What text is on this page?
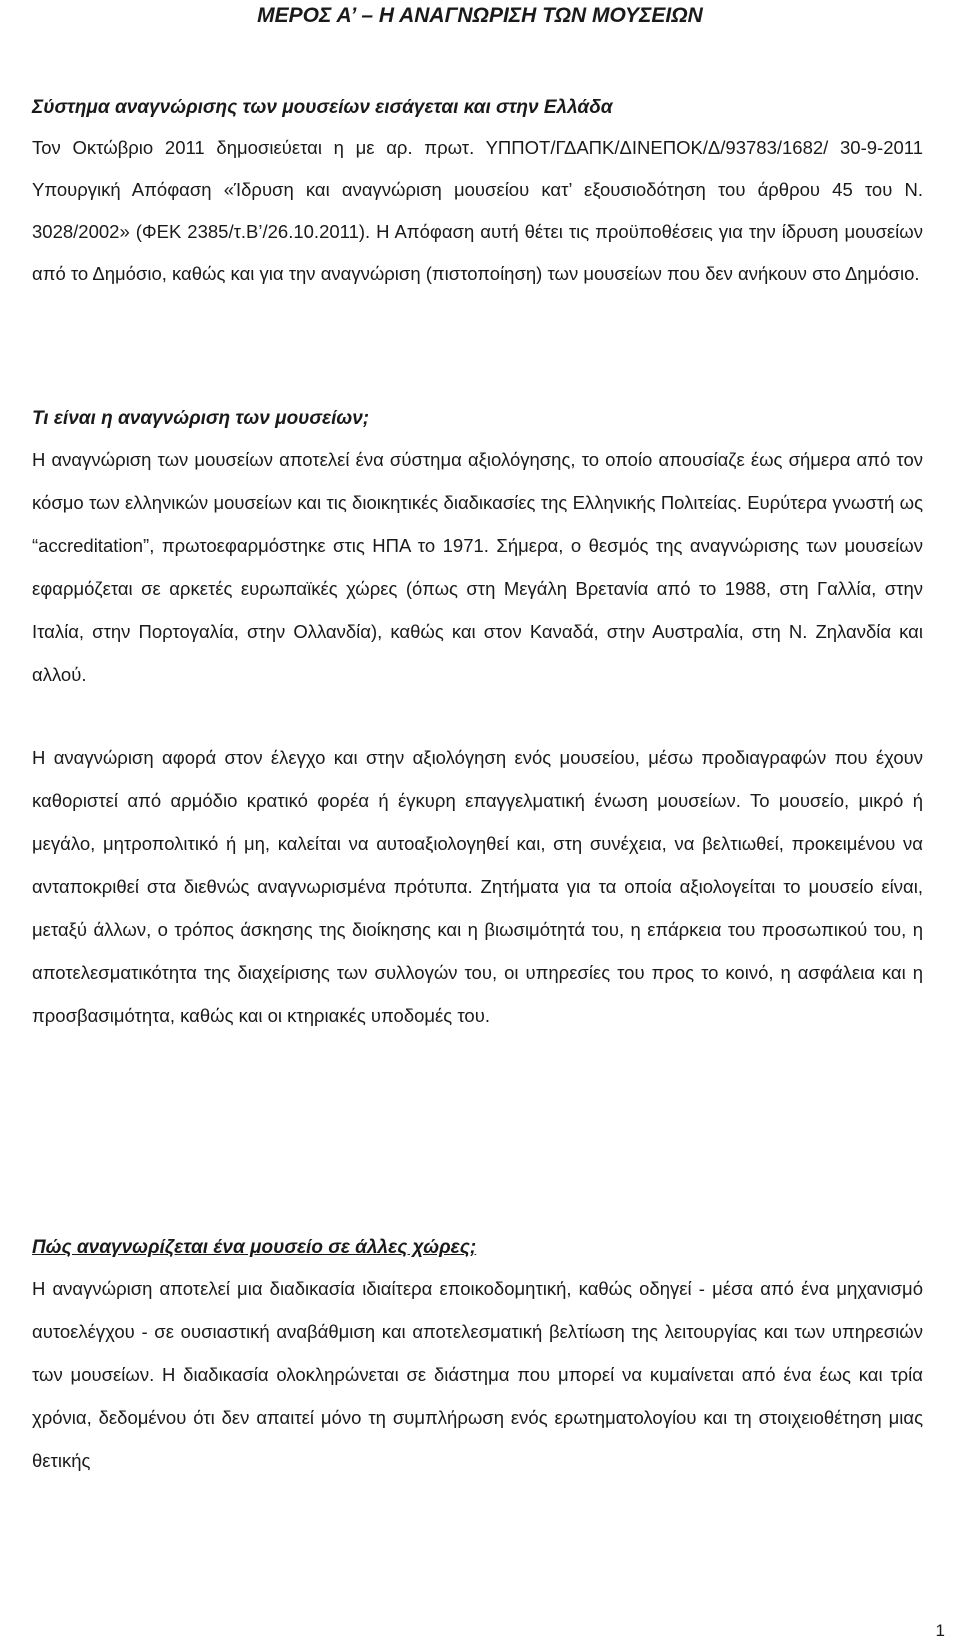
ΜΕΡΟΣ Α’ – Η ΑΝΑΓΝΩΡΙΣΗ ΤΩΝ ΜΟΥΣΕΙΩΝ
Σύστημα αναγνώρισης των μουσείων εισάγεται και στην Ελλάδα

Τον Οκτώβριο 2011 δημοσιεύεται η με αρ. πρωτ. ΥΠΠΟΤ/ΓΔΑΠΚ/ΔΙΝΕΠΟΚ/Δ/93783/1682/ 30-9-2011 Υπουργική Απόφαση «Ίδρυση και αναγνώριση μουσείου κατ’ εξουσιοδότηση του άρθρου 45 του Ν. 3028/2002» (ΦΕΚ 2385/τ.Β’/26.10.2011). Η Απόφαση αυτή θέτει τις προϋποθέσεις για την ίδρυση μουσείων από το Δημόσιο, καθώς και για την αναγνώριση (πιστοποίηση) των μουσείων που δεν ανήκουν στο Δημόσιο.

Τι είναι η αναγνώριση των μουσείων;

Η αναγνώριση των μουσείων αποτελεί ένα σύστημα αξιολόγησης, το οποίο απουσίαζε έως σήμερα από τον κόσμο των ελληνικών μουσείων και τις διοικητικές διαδικασίες της Ελληνικής Πολιτείας. Ευρύτερα γνωστή ως “accreditation”, πρωτοεφαρμόστηκε στις ΗΠΑ το 1971. Σήμερα, ο θεσμός της αναγνώρισης των μουσείων εφαρμόζεται σε αρκετές ευρωπαϊκές χώρες (όπως στη Μεγάλη Βρετανία από το 1988, στη Γαλλία, στην Ιταλία, στην Πορτογαλία, στην Ολλανδία), καθώς και στον Καναδά, στην Αυστραλία, στη Ν. Ζηλανδία και αλλού.

Η αναγνώριση αφορά στον έλεγχο και στην αξιολόγηση ενός μουσείου, μέσω προδιαγραφών που έχουν καθοριστεί από αρμόδιο κρατικό φορέα ή έγκυρη επαγγελματική ένωση μουσείων. Το μουσείο, μικρό ή μεγάλο, μητροπολιτικό ή μη, καλείται να αυτοαξιολογηθεί και, στη συνέχεια, να βελτιωθεί, προκειμένου να ανταποκριθεί στα διεθνώς αναγνωρισμένα πρότυπα. Ζητήματα για τα οποία αξιολογείται το μουσείο είναι, μεταξύ άλλων, ο τρόπος άσκησης της διοίκησης και η βιωσιμότητά του, η επάρκεια του προσωπικού του, η αποτελεσματικότητα της διαχείρισης των συλλογών του, οι υπηρεσίες του προς το κοινό, η ασφάλεια και η προσβασιμότητα, καθώς και οι κτηριακές υποδομές του.

Πώς αναγνωρίζεται ένα μουσείο σε άλλες χώρες;

Η αναγνώριση αποτελεί μια διαδικασία ιδιαίτερα εποικοδομητική, καθώς οδηγεί - μέσα από ένα μηχανισμό αυτοελέγχου - σε ουσιαστική αναβάθμιση και αποτελεσματική βελτίωση της λειτουργίας και των υπηρεσιών των μουσείων. Η διαδικασία ολοκληρώνεται σε διάστημα που μπορεί να κυμαίνεται από ένα έως και τρία χρόνια, δεδομένου ότι δεν απαιτεί μόνο τη συμπλήρωση ενός ερωτηματολογίου και τη στοιχειοθέτηση μιας θετικής

1
